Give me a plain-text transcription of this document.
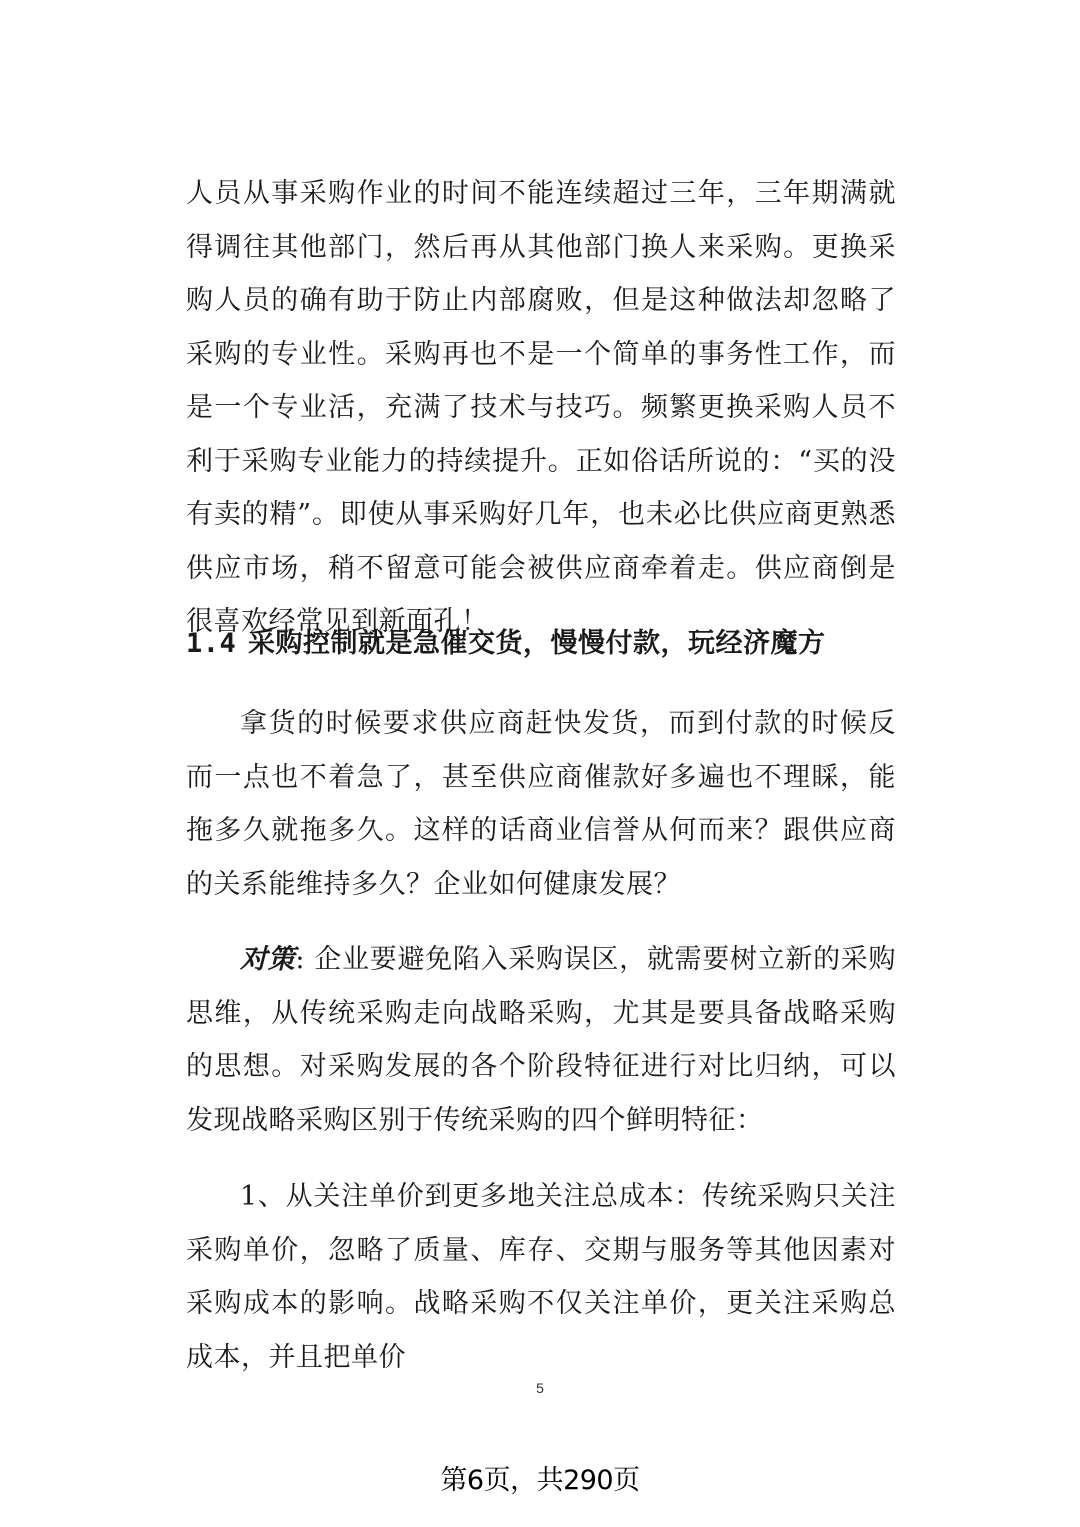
人员从事采购作业的时间不能连续超过三年，三年期满就得调往其他部门，然后再从其他部门换人来采购。更换采购人员的确有助于防止内部腐败，但是这种做法却忽略了采购的专业性。采购再也不是一个简单的事务性工作，而是一个专业活，充满了技术与技巧。频繁更换采购人员不利于采购专业能力的持续提升。正如俗话所说的：“买的没有卖的精”。即使从事采购好几年，也未必比供应商更熟悉供应市场，稍不留意可能会被供应商牵着走。供应商倒是很喜欢经常见到新面孔！

1.4 采购控制就是急催交货，慢慢付款，玩经济魔方

拿货的时候要求供应商赶快发货，而到付款的时候反而一点也不着急了，甚至供应商催款好多遍也不理睬，能拖多久就拖多久。这样的话商业信誉从何而来？跟供应商的关系能维持多久？企业如何健康发展？

对策: 企业要避免陷入采购误区，就需要树立新的采购思维，从传统采购走向战略采购，尤其是要具备战略采购的思想。对采购发展的各个阶段特征进行对比归纳，可以发现战略采购区别于传统采购的四个鲜明特征：

1、从关注单价到更多地关注总成本：传统采购只关注采购单价，忽略了质量、库存、交期与服务等其他因素对采购成本的影响。战略采购不仅关注单价，更关注采购总成本，并且把单价

5

第6页，共290页
